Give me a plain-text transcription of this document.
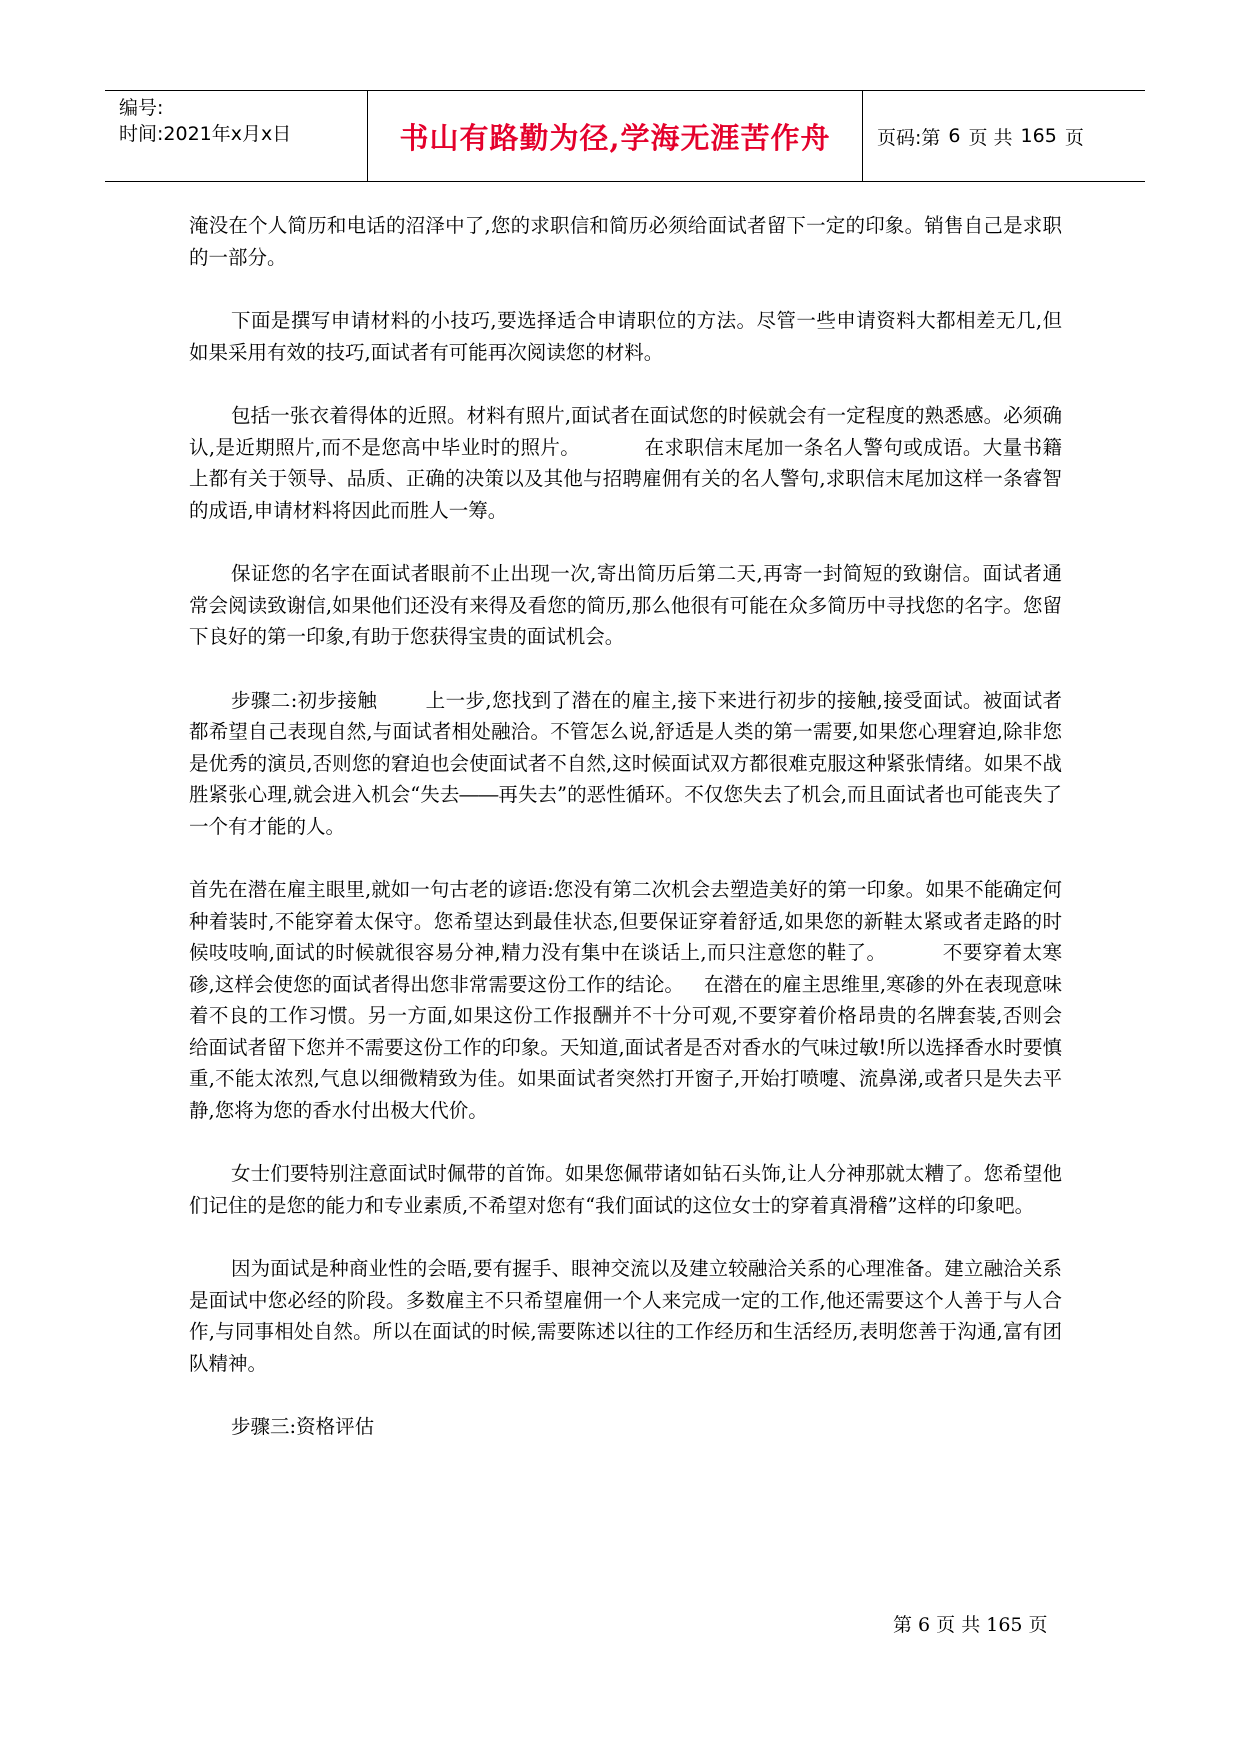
编号:
时间:2021年x月x日	书山有路勤为径,学海无涯苦作舟 页码:第 6 页 共 165 页

淹没在个人简历和电话的沼泽中了,您的求职信和简历必须给面试者留下一定的印象。销售自己是求职的一部分。

下面是撰写申请材料的小技巧,要选择适合申请职位的方法。尽管一些申请资料大都相差无几,但如果采用有效的技巧,面试者有可能再次阅读您的材料。

包括一张衣着得体的近照。材料有照片,面试者在面试您的时候就会有一定程度的熟悉感。必须确认,是近期照片,而不是您高中毕业时的照片。	在求职信末尾加一条名人警句或成语。大量书籍上都有关于领导、品质、正确的决策以及其他与招聘雇佣有关的名人警句,求职信末尾加这样一条睿智的成语,申请材料将因此而胜人一筹。

保证您的名字在面试者眼前不止出现一次,寄出简历后第二天,再寄一封简短的致谢信。面试者通常会阅读致谢信,如果他们还没有来得及看您的简历,那么他很有可能在众多简历中寻找您的名字。您留下良好的第一印象,有助于您获得宝贵的面试机会。

步骤二:初步接触 上一步,您找到了潜在的雇主,接下来进行初步的接触,接受面试。被面试者都希望自己表现自然,与面试者相处融洽。不管怎么说,舒适是人类的第一需要,如果您心理窘迫,除非您是优秀的演员,否则您的窘迫也会使面试者不自然,这时候面试双方都很难克服这种紧张情绪。如果不战胜紧张心理,就会进入机会“失去――再失去”的恶性循环。不仅您失去了机会,而且面试者也可能丧失了一个有才能的人。

首先在潜在雇主眼里,就如一句古老的谚语:您没有第二次机会去塑造美好的第一印象。如果不能确定何种着装时,不能穿着太保守。您希望达到最佳状态,但要保证穿着舒适,如果您的新鞋太紧或者走路的时候吱吱响,面试的时候就很容易分神,精力没有集中在谈话上,而只注意您的鞋了。	不要穿着太寒碜,这样会使您的面试者得出您非常需要这份工作的结论。 在潜在的雇主思维里,寒碜的外在表现意味着不良的工作习惯。另一方面,如果这份工作报酬并不十分可观,不要穿着价格昂贵的名牌套装,否则会给面试者留下您并不需要这份工作的印象。天知道,面试者是否对香水的气味过敏!所以选择香水时要慎重,不能太浓烈,气息以细微精致为佳。如果面试者突然打开窗子,开始打喷嚏、流鼻涕,或者只是失去平静,您将为您的香水付出极大代价。

女士们要特别注意面试时佩带的首饰。如果您佩带诸如钻石头饰,让人分神那就太糟了。您希望他们记住的是您的能力和专业素质,不希望对您有“我们面试的这位女士的穿着真滑稽”这样的印象吧。

因为面试是种商业性的会晤,要有握手、眼神交流以及建立较融洽关系的心理准备。建立融洽关系是面试中您必经的阶段。多数雇主不只希望雇佣一个人来完成一定的工作,他还需要这个人善于与人合作,与同事相处自然。所以在面试的时候,需要陈述以往的工作经历和生活经历,表明您善于沟通,富有团队精神。

步骤三:资格评估

第 6 页 共 165 页
